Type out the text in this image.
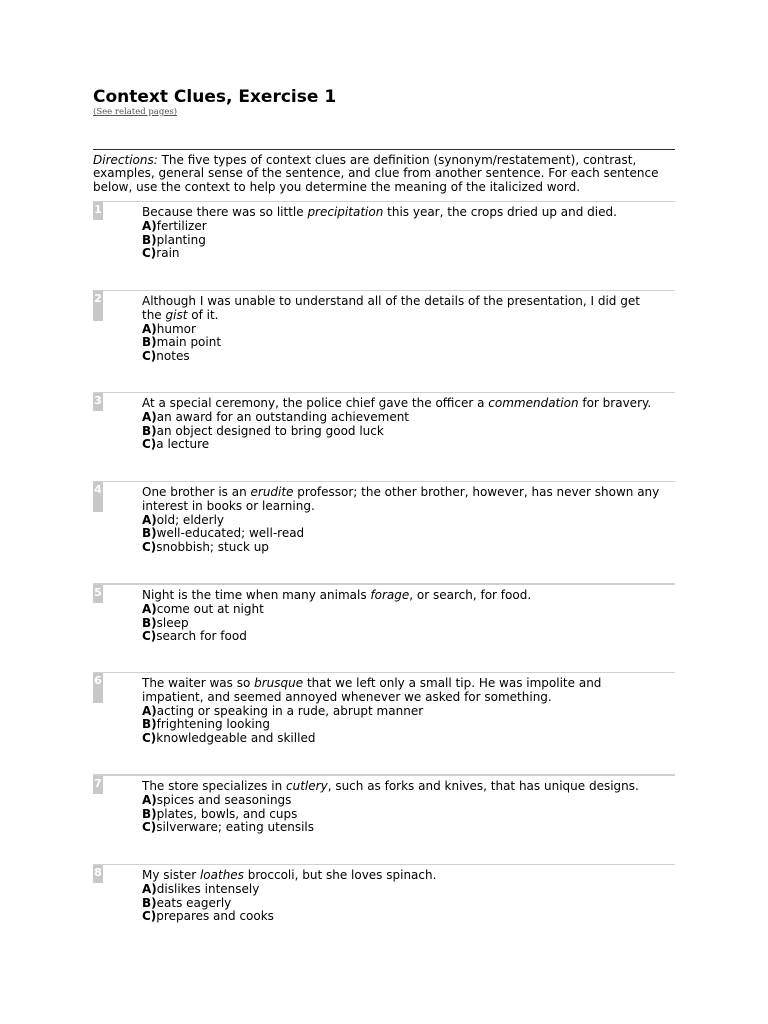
Context Clues, Exercise 1
(See related pages)
Directions: The five types of context clues are definition (synonym/restatement), contrast, examples, general sense of the sentence, and clue from another sentence. For each sentence below, use the context to help you determine the meaning of the italicized word.
1	Because there was so little precipitation this year, the crops dried up and died.
A)fertilizer
B)planting
C)rain
2	Although I was unable to understand all of the details of the presentation, I did get the gist of it.
A)humor
B)main point
C)notes
3	At a special ceremony, the police chief gave the officer a commendation for bravery.
A)an award for an outstanding achievement
B)an object designed to bring good luck
C)a lecture
4	One brother is an erudite professor; the other brother, however, has never shown any interest in books or learning.
A)old; elderly
B)well-educated; well-read
C)snobbish; stuck up
5	Night is the time when many animals forage, or search, for food.
A)come out at night
B)sleep
C)search for food
6	The waiter was so brusque that we left only a small tip. He was impolite and impatient, and seemed annoyed whenever we asked for something.
A)acting or speaking in a rude, abrupt manner
B)frightening looking
C)knowledgeable and skilled
7	The store specializes in cutlery, such as forks and knives, that has unique designs.
A)spices and seasonings
B)plates, bowls, and cups
C)silverware; eating utensils
8	My sister loathes broccoli, but she loves spinach.
A)dislikes intensely
B)eats eagerly
C)prepares and cooks
